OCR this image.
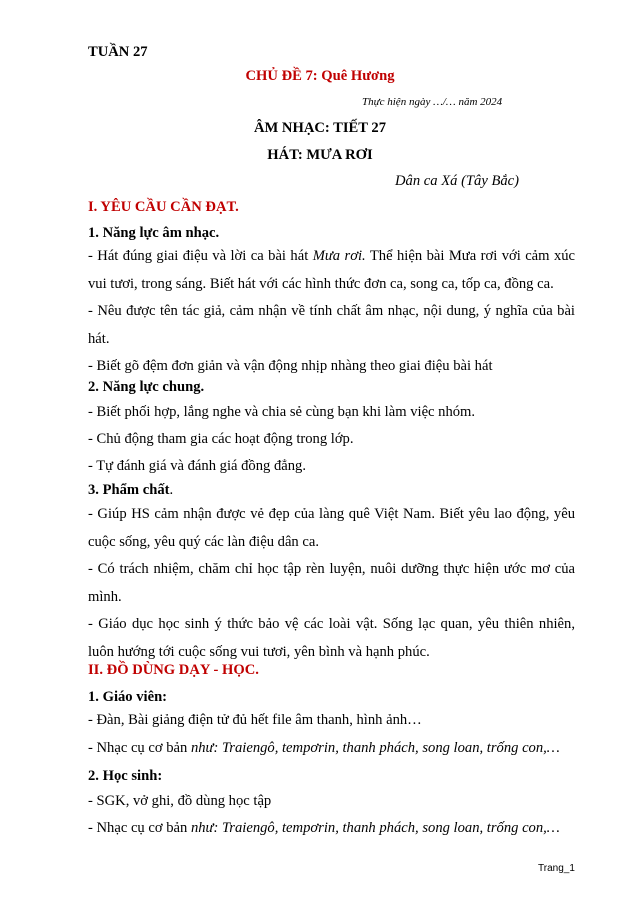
TUẦN 27
CHỦ ĐỀ 7: Quê Hương
Thực hiện ngày …/… năm 2024
ÂM NHẠC: TIẾT 27
HÁT: MƯA RƠI
Dân ca Xá (Tây Bắc)
I. YÊU CẦU CẦN ĐẠT.
1. Năng lực âm nhạc.
- Hát đúng giai điệu và lời ca bài hát Mưa rơi. Thể hiện bài Mưa rơi với cảm xúc vui tươi, trong sáng. Biết hát với các hình thức đơn ca, song ca, tốp ca, đồng ca.
- Nêu được tên tác giả, cảm nhận về tính chất âm nhạc, nội dung, ý nghĩa của bài hát.
- Biết gõ đệm đơn giản và vận động nhịp nhàng theo giai điệu bài hát
2. Năng lực chung.
- Biết phối hợp, lắng nghe và chia sẻ cùng bạn khi làm việc nhóm.
- Chủ động tham gia các hoạt động trong lớp.
- Tự đánh giá và đánh giá đồng đẳng.
3. Phẩm chất.
- Giúp HS cảm nhận được vẻ đẹp của làng quê Việt Nam. Biết yêu lao động, yêu cuộc sống, yêu quý các làn điệu dân ca.
- Có trách nhiệm, chăm chỉ học tập rèn luyện, nuôi dưỡng thực hiện ước mơ của mình.
- Giáo dục học sinh ý thức bảo vệ các loài vật. Sống lạc quan, yêu thiên nhiên, luôn hướng tới cuộc sống vui tươi, yên bình và hạnh phúc.
II. ĐỒ DÙNG DẠY - HỌC.
1. Giáo viên:
- Đàn, Bài giảng điện tử đủ hết file âm thanh, hình ảnh…
- Nhạc cụ cơ bản như: Traiengô, tempơrin, thanh phách, song loan, trống con,…
2. Học sinh:
- SGK, vở ghi, đồ dùng học tập
- Nhạc cụ cơ bản như: Traiengô, tempơrin, thanh phách, song loan, trống con,…
Trang_1
